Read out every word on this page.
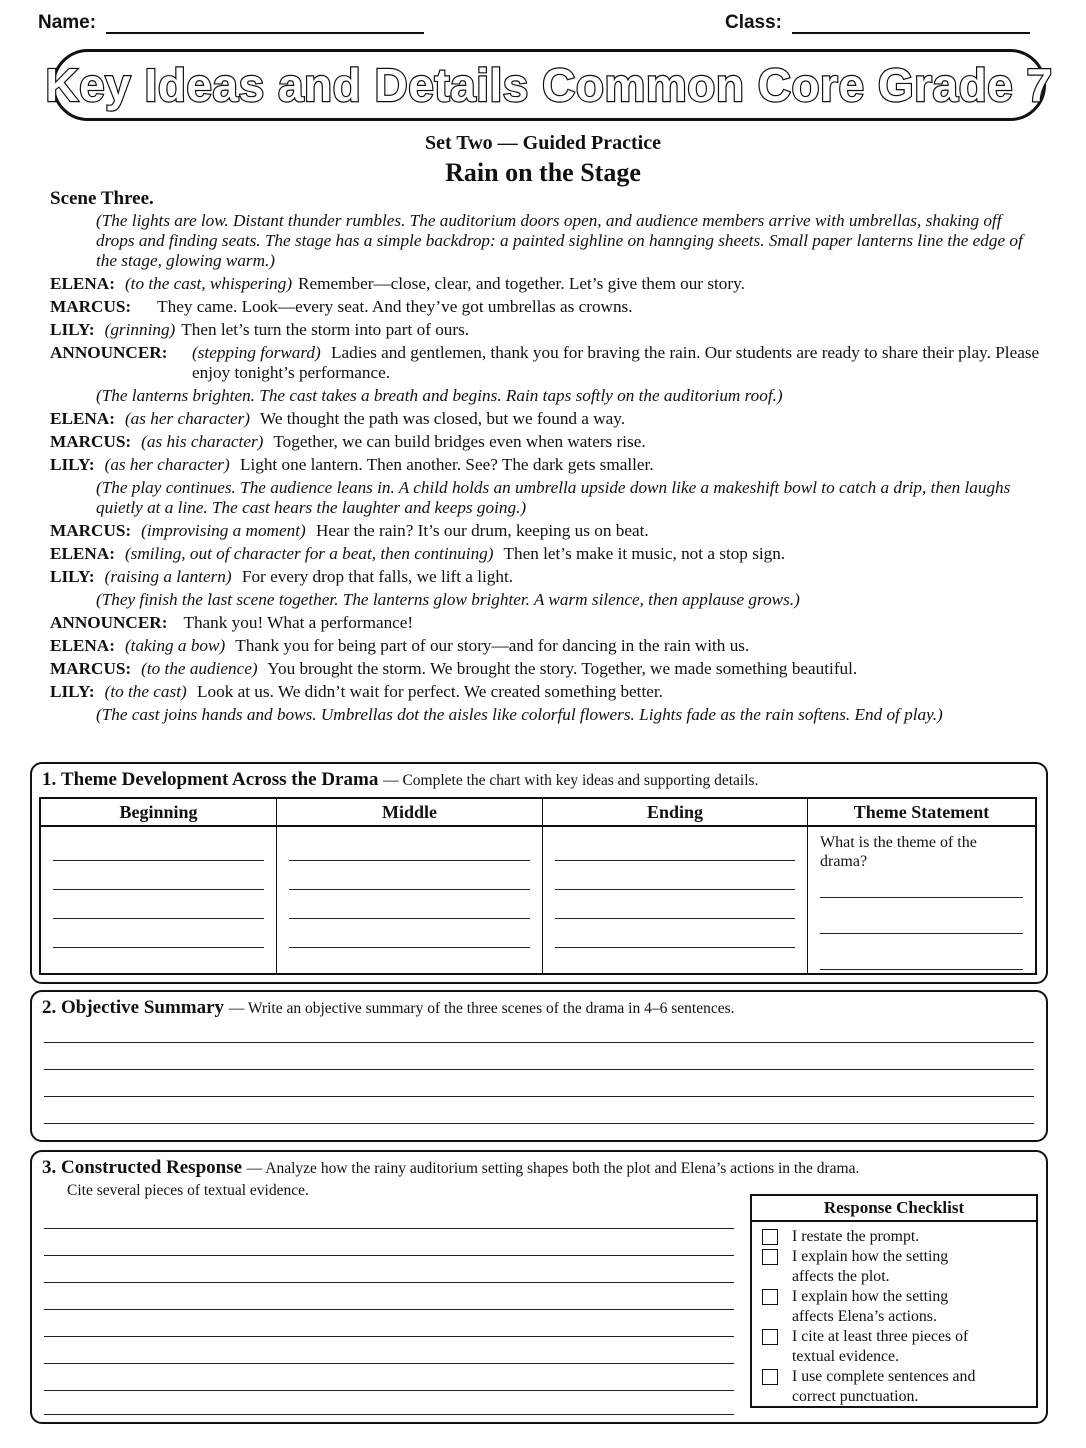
Name:	Class:
Key Ideas and Details Common Core Grade 7
Set Two — Guided Practice
Rain on the Stage
Scene Three.
(The lights are low. Distant thunder rumbles. The auditorium doors open, and audience members arrive with umbrellas, shaking off drops and finding seats. The stage has a simple backdrop: a painted sighline on hannging sheets. Small paper lanterns line the edge of the stage, glowing warm.)
ELENA: (to the cast, whispering) Remember—close, clear, and together. Let’s give them our story.
MARCUS: They came. Look—every seat. And they’ve got umbrellas as crowns.
LILY: (grinning) Then let’s turn the storm into part of ours.
ANNOUNCER:	(stepping forward) Ladies and gentlemen, thank you for braving the rain. Our students are ready to share their play. Please enjoy tonight’s performance.
(The lanterns brighten. The cast takes a breath and begins. Rain taps softly on the auditorium roof.)
ELENA: (as her character) We thought the path was closed, but we found a way.
MARCUS: (as his character) Together, we can build bridges even when waters rise.
LILY: (as her character) Light one lantern. Then another. See? The dark gets smaller.
(The play continues. The audience leans in. A child holds an umbrella upside down like a makeshift bowl to catch a drip, then laughs quietly at a line. The cast hears the laughter and keeps going.)
MARCUS: (improvising a moment) Hear the rain? It’s our drum, keeping us on beat.
ELENA: (smiling, out of character for a beat, then continuing) Then let’s make it music, not a stop sign.
LILY: (raising a lantern) For every drop that falls, we lift a light.
(They finish the last scene together. The lanterns glow brighter. A warm silence, then applause grows.)
ANNOUNCER: Thank you! What a performance!
ELENA: (taking a bow) Thank you for being part of our story—and for dancing in the rain with us.
MARCUS: (to the audience) You brought the storm. We brought the story. Together, we made something beautiful.
LILY: (to the cast) Look at us. We didn’t wait for perfect. We created something better.
(The cast joins hands and bows. Umbrellas dot the aisles like colorful flowers. Lights fade as the rain softens. End of play.)
1. Theme Development Across the Drama — Complete the chart with key ideas and supporting details.
Beginning	Middle	Ending	Theme Statement
What is the theme of the drama?
2. Objective Summary — Write an objective summary of the three scenes of the drama in 4–6 sentences.
3. Constructed Response — Analyze how the rainy auditorium setting shapes both the plot and Elena’s actions in the drama.
Cite several pieces of textual evidence.
Response Checklist
I restate the prompt.
I explain how the setting affects the plot.
I explain how the setting affects Elena’s actions.
I cite at least three pieces of textual evidence.
I use complete sentences and correct punctuation.
